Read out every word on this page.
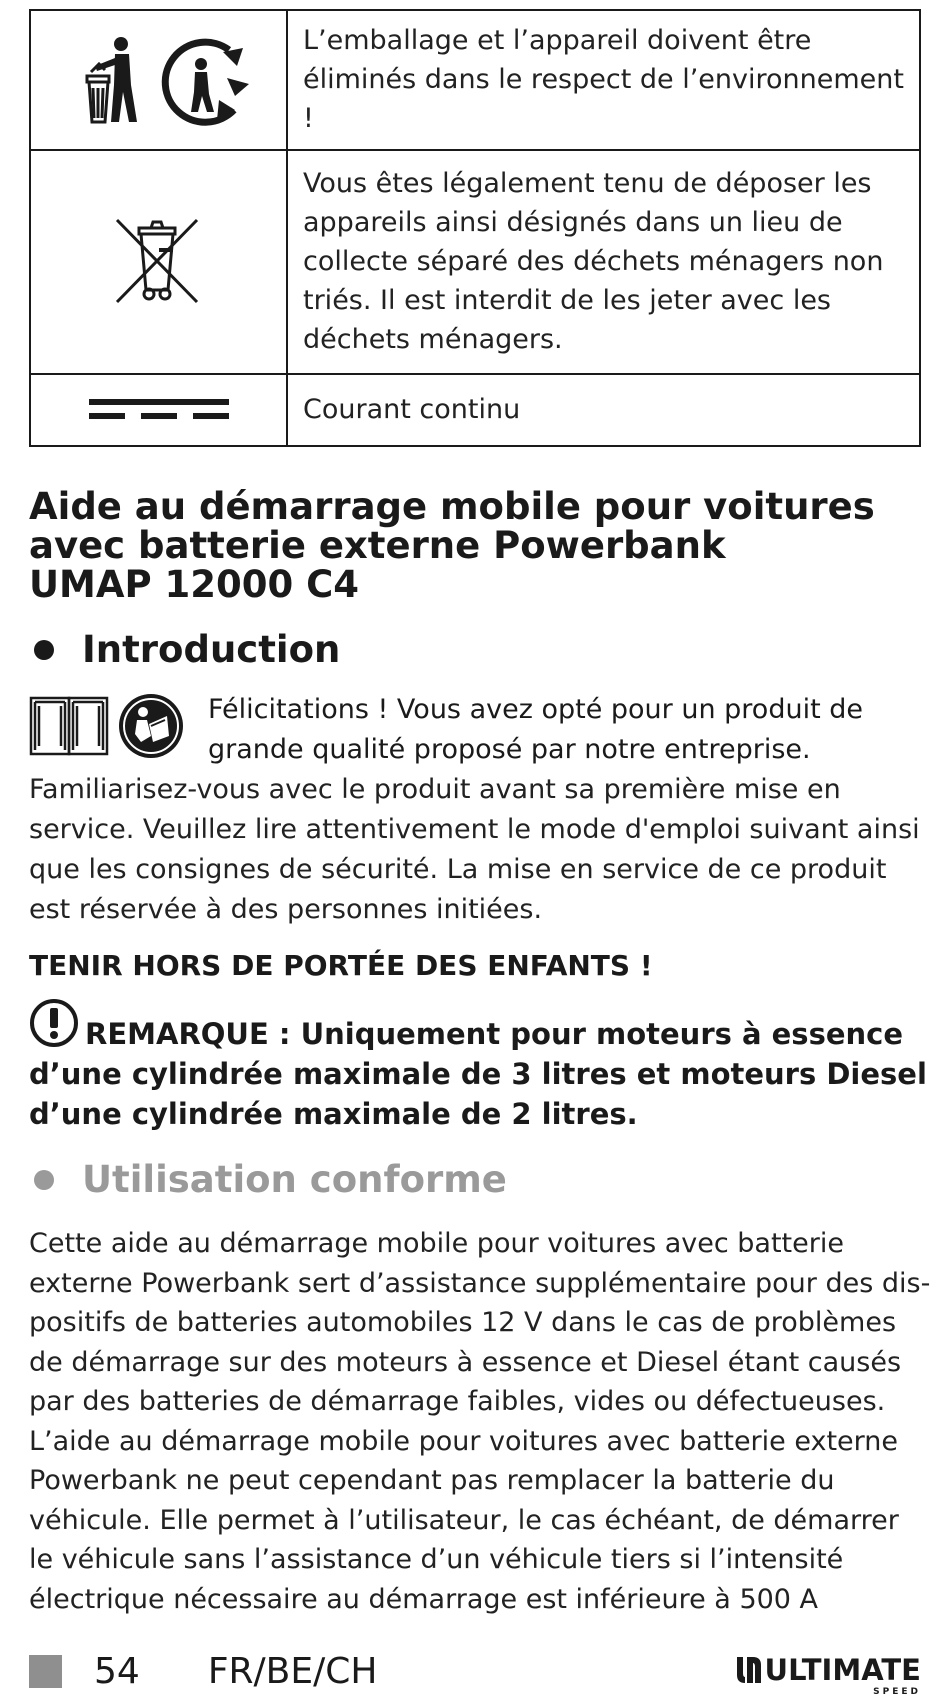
L’emballage et l’appareil doivent être
éliminés dans le respect de l’environnement !

Vous êtes légalement tenu de déposer les
appareils ainsi désignés dans un lieu de
collecte séparé des déchets ménagers non
triés. Il est interdit de les jeter avec les
déchets ménagers.

Courant continu
Aide au démarrage mobile pour voitures
avec batterie externe Powerbank
UMAP 12000 C4
Introduction
Félicitations ! Vous avez opté pour un produit de
grande qualité proposé par notre entreprise.
Familiarisez-vous avec le produit avant sa première mise en
service. Veuillez lire attentivement le mode d'emploi suivant ainsi
que les consignes de sécurité. La mise en service de ce produit
est réservée à des personnes initiées.
TENIR HORS DE PORTÉE DES ENFANTS !
REMARQUE : Uniquement pour moteurs à essence
d’une cylindrée maximale de 3 litres et moteurs Diesel
d’une cylindrée maximale de 2 litres.
Utilisation conforme
Cette aide au démarrage mobile pour voitures avec batterie
externe Powerbank sert d’assistance supplémentaire pour des dis-
positifs de batteries automobiles 12 V dans le cas de problèmes
de démarrage sur des moteurs à essence et Diesel étant causés
par des batteries de démarrage faibles, vides ou défectueuses.
L’aide au démarrage mobile pour voitures avec batterie externe
Powerbank ne peut cependant pas remplacer la batterie du
véhicule. Elle permet à l’utilisateur, le cas échéant, de démarrer
le véhicule sans l’assistance d’un véhicule tiers si l’intensité
électrique nécessaire au démarrage est inférieure à 500 A
54 FR/BE/CH	ULTIMATE
SPEED
